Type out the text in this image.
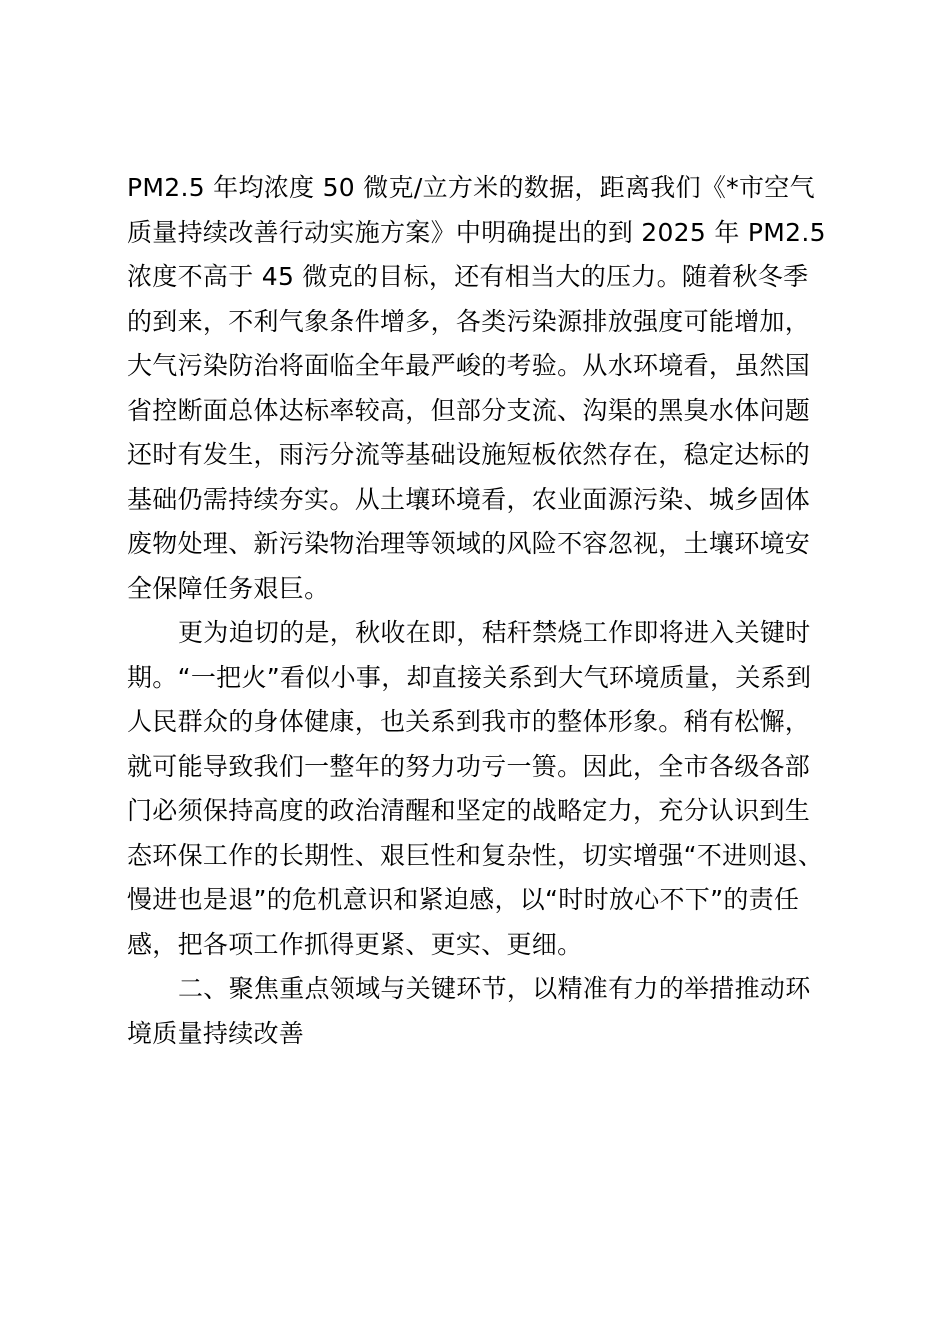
PM2.5 年均浓度 50 微克/立方米的数据，距离我们《*市空气
质量持续改善行动实施方案》中明确提出的到 2025 年 PM2.5
浓度不高于 45 微克的目标，还有相当大的压力。随着秋冬季
的到来，不利气象条件增多，各类污染源排放强度可能增加，
大气污染防治将面临全年最严峻的考验。从水环境看，虽然国
省控断面总体达标率较高，但部分支流、沟渠的黑臭水体问题
还时有发生，雨污分流等基础设施短板依然存在，稳定达标的
基础仍需持续夯实。从土壤环境看，农业面源污染、城乡固体
废物处理、新污染物治理等领域的风险不容忽视，土壤环境安
全保障任务艰巨。
更为迫切的是，秋收在即，秸秆禁烧工作即将进入关键时
期。“一把火”看似小事，却直接关系到大气环境质量，关系到
人民群众的身体健康，也关系到我市的整体形象。稍有松懈，
就可能导致我们一整年的努力功亏一篑。因此，全市各级各部
门必须保持高度的政治清醒和坚定的战略定力，充分认识到生
态环保工作的长期性、艰巨性和复杂性，切实增强“不进则退、
慢进也是退”的危机意识和紧迫感，以“时时放心不下”的责任
感，把各项工作抓得更紧、更实、更细。
二、聚焦重点领域与关键环节，以精准有力的举措推动环
境质量持续改善
